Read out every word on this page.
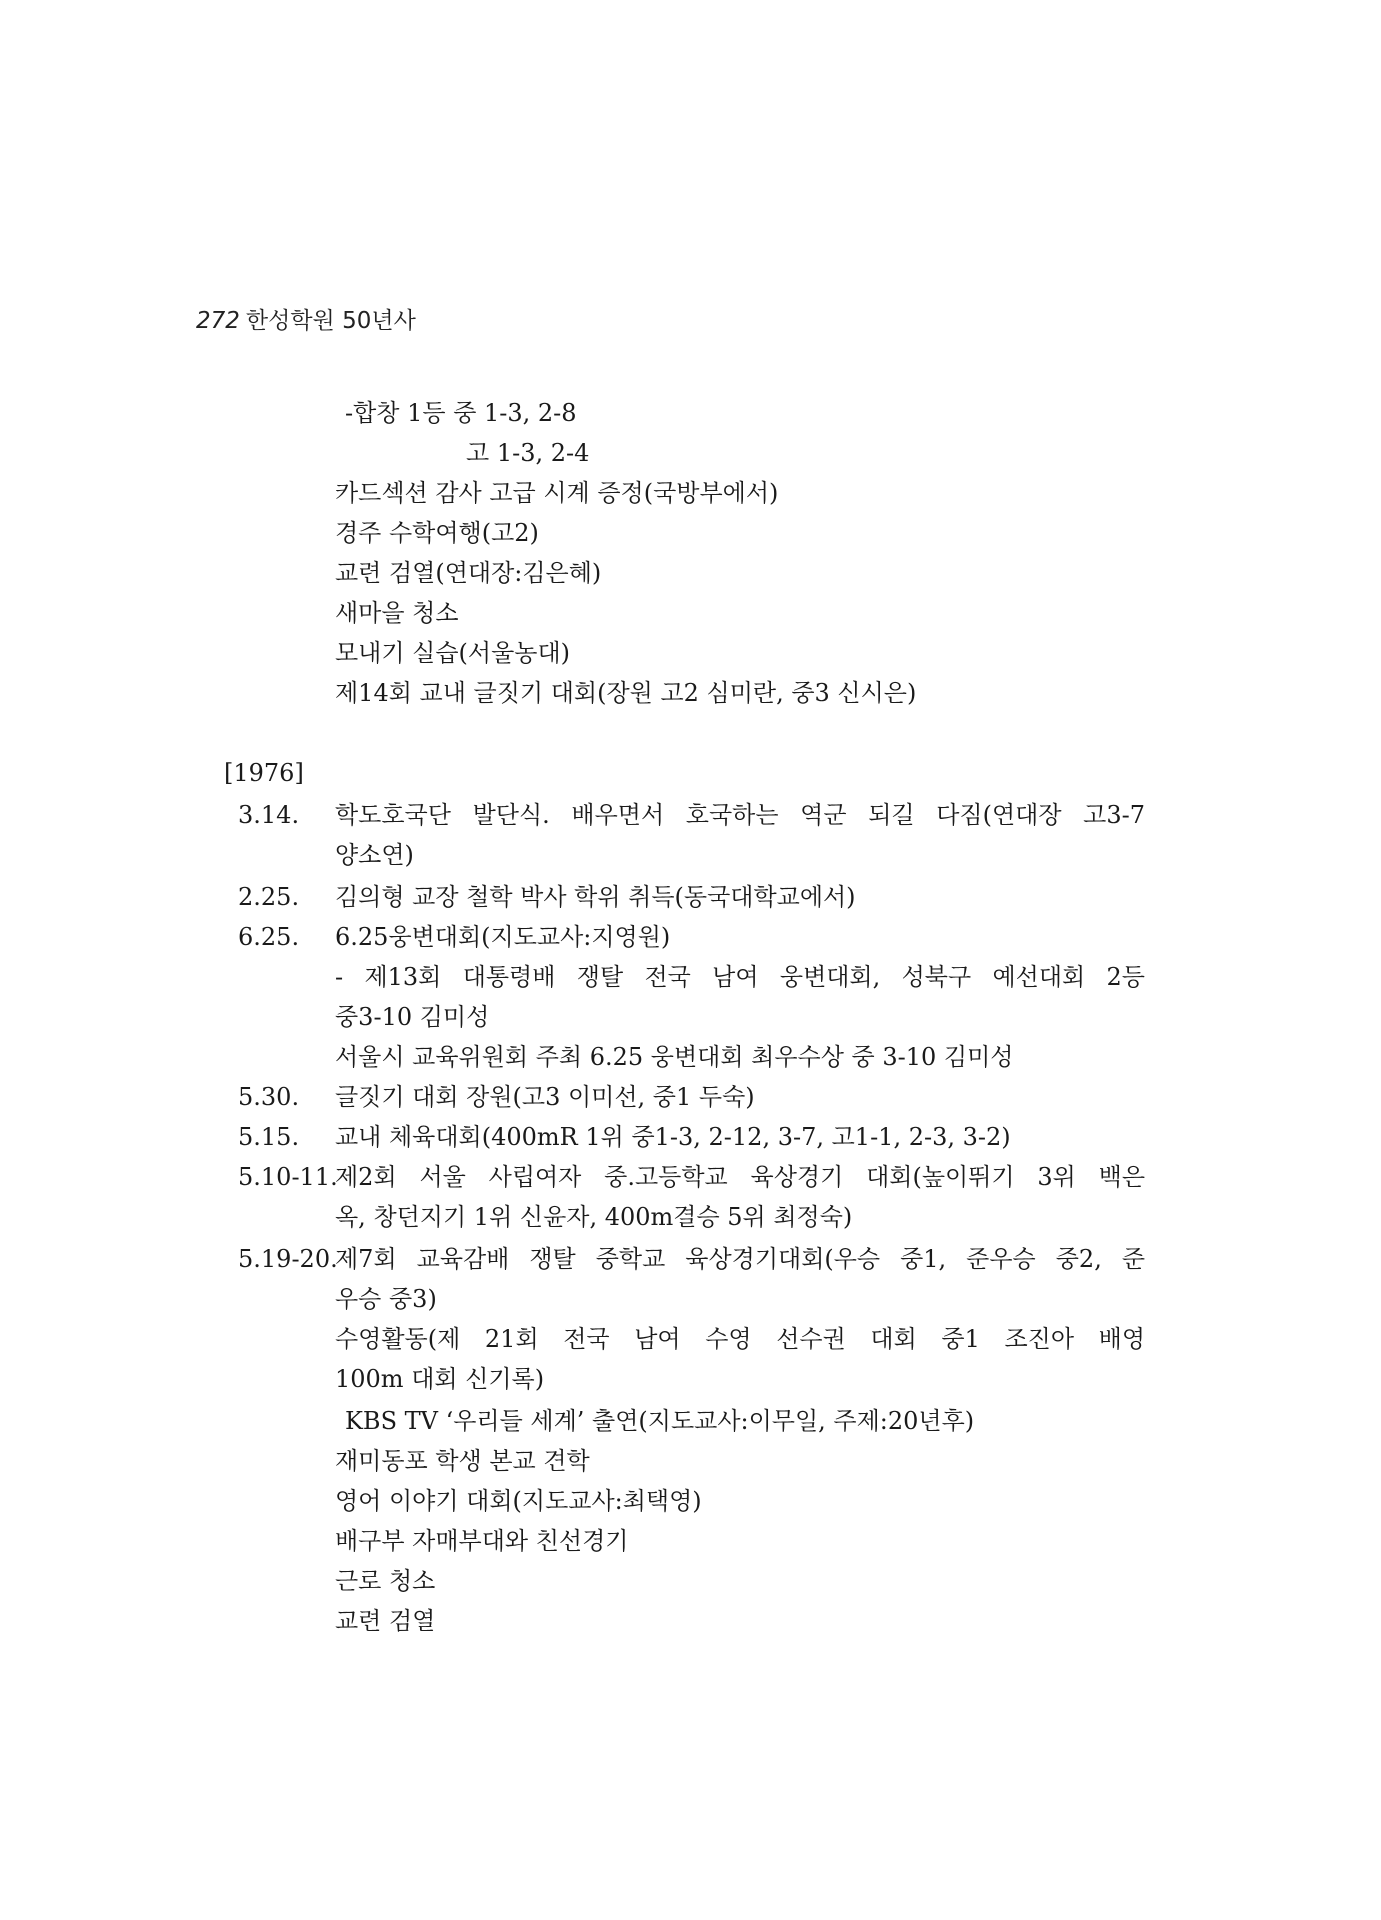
272 한성학원 50년사
-합창 1등 중 1-3, 2-8
고 1-3, 2-4
카드섹션 감사 고급 시계 증정(국방부에서)
경주 수학여행(고2)
교련 검열(연대장:김은혜)
새마을 청소
모내기 실습(서울농대)
제14회 교내 글짓기 대회(장원 고2 심미란, 중3 신시은)
[1976]
3.14. 학도호국단 발단식. 배우면서 호국하는 역군 되길 다짐(연대장 고3-7
양소연)
2.25. 김의형 교장 철학 박사 학위 취득(동국대학교에서)
6.25. 6.25웅변대회(지도교사:지영원)
- 제13회 대통령배 쟁탈 전국 남여 웅변대회, 성북구 예선대회 2등
중3-10 김미성
서울시 교육위원회 주최 6.25 웅변대회 최우수상 중 3-10 김미성
5.30. 글짓기 대회 장원(고3 이미선, 중1 두숙)
5.15. 교내 체육대회(400mR 1위 중1-3, 2-12, 3-7, 고1-1, 2-3, 3-2)
5.10-11.
제2회 서울 사립여자 중.고등학교 육상경기 대회(높이뛰기 3위 백은
옥, 창던지기 1위 신윤자, 400m결승 5위 최정숙)
5.19-20.
제7회 교육감배 쟁탈 중학교 육상경기대회(우승 중1, 준우승 중2, 준
우승 중3)
수영활동(제 21회 전국 남여 수영 선수권 대회 중1 조진아 배영
100m 대회 신기록)
KBS TV ‘우리들 세계’ 출연(지도교사:이무일, 주제:20년후)
재미동포 학생 본교 견학
영어 이야기 대회(지도교사:최택영)
배구부 자매부대와 친선경기
근로 청소
교련 검열
